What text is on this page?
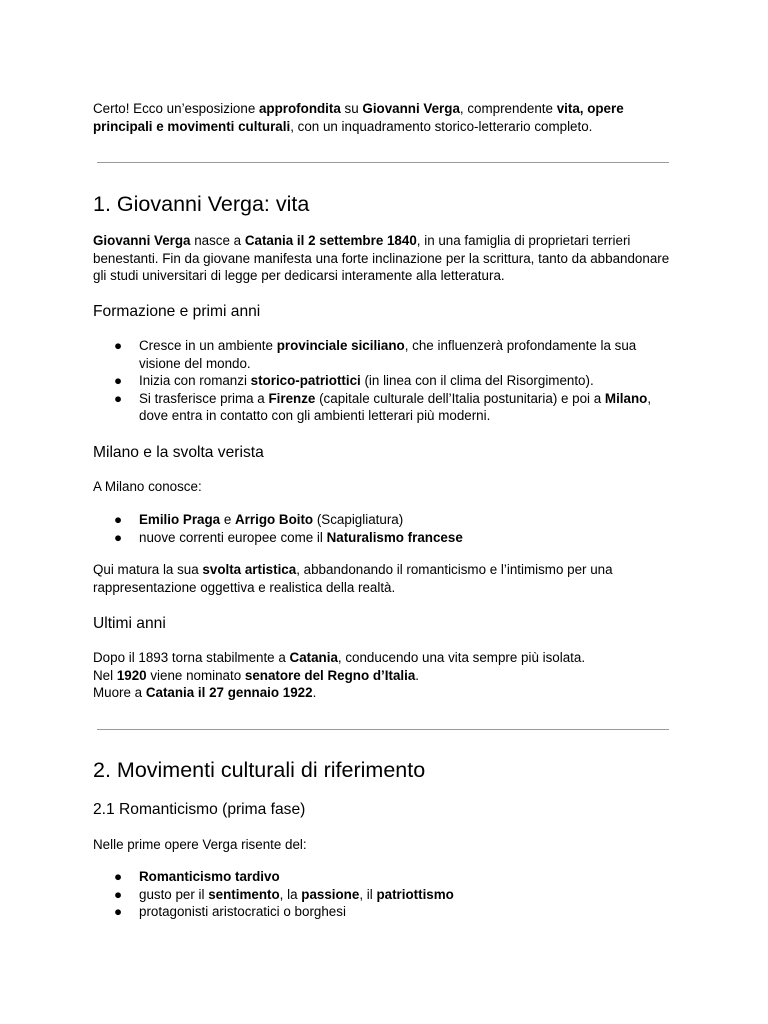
Certo! Ecco un’esposizione approfondita su Giovanni Verga, comprendente vita, opere principali e movimenti culturali, con un inquadramento storico-letterario completo.

1. Giovanni Verga: vita

Giovanni Verga nasce a Catania il 2 settembre 1840, in una famiglia di proprietari terrieri benestanti. Fin da giovane manifesta una forte inclinazione per la scrittura, tanto da abbandonare gli studi universitari di legge per dedicarsi interamente alla letteratura.

Formazione e primi anni
● Cresce in un ambiente provinciale siciliano, che influenzerà profondamente la sua visione del mondo.
● Inizia con romanzi storico-patriottici (in linea con il clima del Risorgimento).
● Si trasferisce prima a Firenze (capitale culturale dell’Italia postunitaria) e poi a Milano, dove entra in contatto con gli ambienti letterari più moderni.
Milano e la svolta verista

A Milano conosce:

● Emilio Praga e Arrigo Boito (Scapigliatura)
● nuove correnti europee come il Naturalismo francese

Qui matura la sua svolta artistica, abbandonando il romanticismo e l’intimismo per una rappresentazione oggettiva e realistica della realtà.

Ultimi anni

Dopo il 1893 torna stabilmente a Catania, conducendo una vita sempre più isolata.
Nel 1920 viene nominato senatore del Regno d’Italia.
Muore a Catania il 27 gennaio 1922.

2. Movimenti culturali di riferimento
2.1 Romanticismo (prima fase)

Nelle prime opere Verga risente del:

● Romanticismo tardivo
● gusto per il sentimento, la passione, il patriottismo
● protagonisti aristocratici o borghesi
